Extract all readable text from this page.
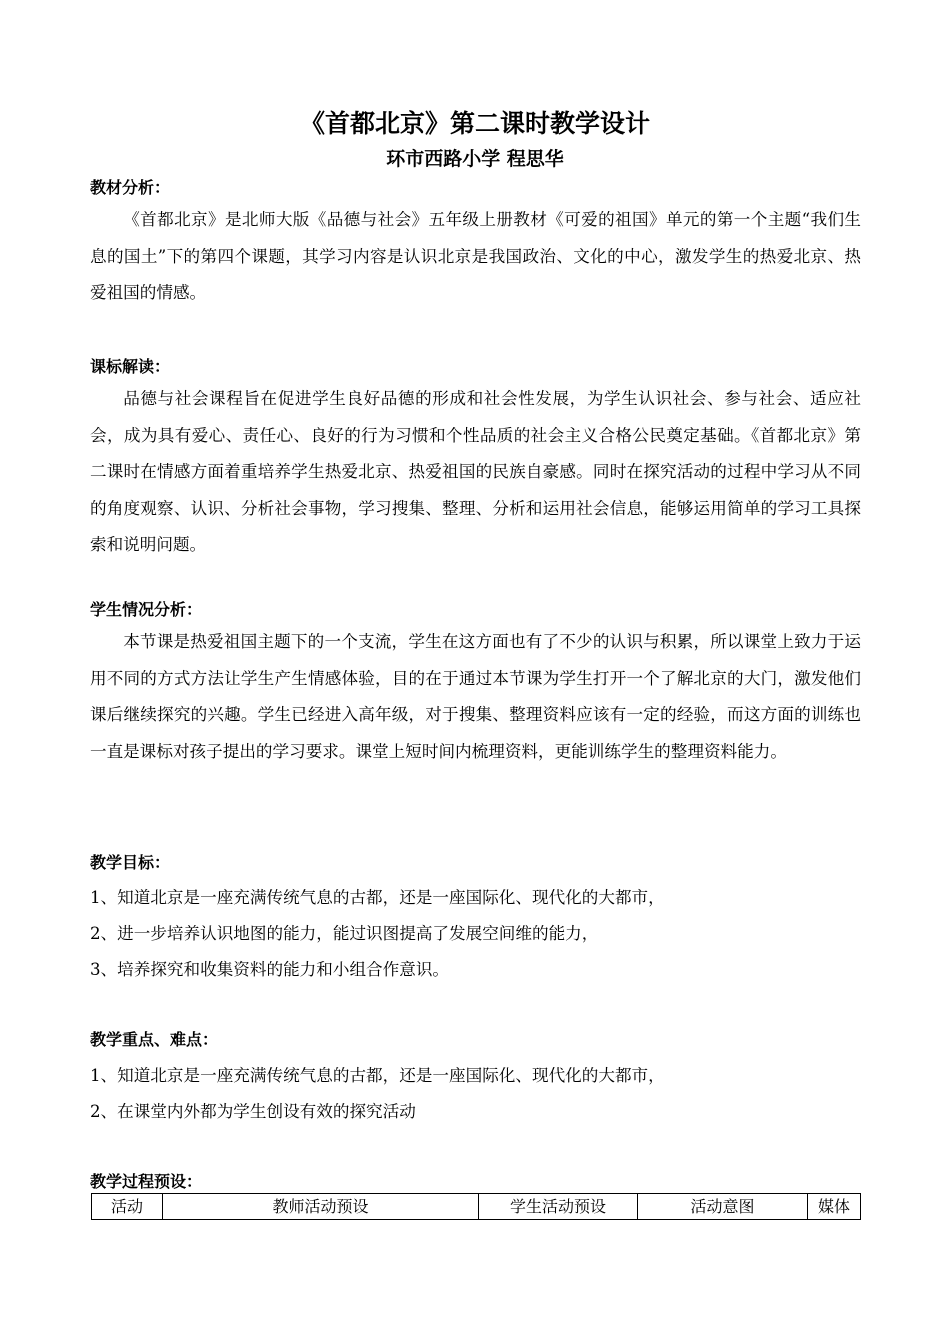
《首都北京》第二课时教学设计
环市西路小学 程思华
教材分析：

《首都北京》是北师大版《品德与社会》五年级上册教材《可爱的祖国》单元的第一个主题“我们生息的国土”下的第四个课题，其学习内容是认识北京是我国政治、文化的中心，激发学生的热爱北京、热爱祖国的情感。

课标解读：

品德与社会课程旨在促进学生良好品德的形成和社会性发展，为学生认识社会、参与社会、适应社会，成为具有爱心、责任心、良好的行为习惯和个性品质的社会主义合格公民奠定基础。《首都北京》第二课时在情感方面着重培养学生热爱北京、热爱祖国的民族自豪感。同时在探究活动的过程中学习从不同的角度观察、认识、分析社会事物，学习搜集、整理、分析和运用社会信息，能够运用简单的学习工具探索和说明问题。

学生情况分析：

本节课是热爱祖国主题下的一个支流，学生在这方面也有了不少的认识与积累，所以课堂上致力于运用不同的方式方法让学生产生情感体验，目的在于通过本节课为学生打开一个了解北京的大门，激发他们课后继续探究的兴趣。学生已经进入高年级，对于搜集、整理资料应该有一定的经验，而这方面的训练也一直是课标对孩子提出的学习要求。课堂上短时间内梳理资料，更能训练学生的整理资料能力。

教学目标：
1、知道北京是一座充满传统气息的古都，还是一座国际化、现代化的大都市，
2、进一步培养认识地图的能力，能过识图提高了发展空间维的能力，
3、培养探究和收集资料的能力和小组合作意识。
教学重点、难点：
1、知道北京是一座充满传统气息的古都，还是一座国际化、现代化的大都市，
2、在课堂内外都为学生创设有效的探究活动
教学过程预设：
活动	教师活动预设	学生活动预设	活动意图	媒体
